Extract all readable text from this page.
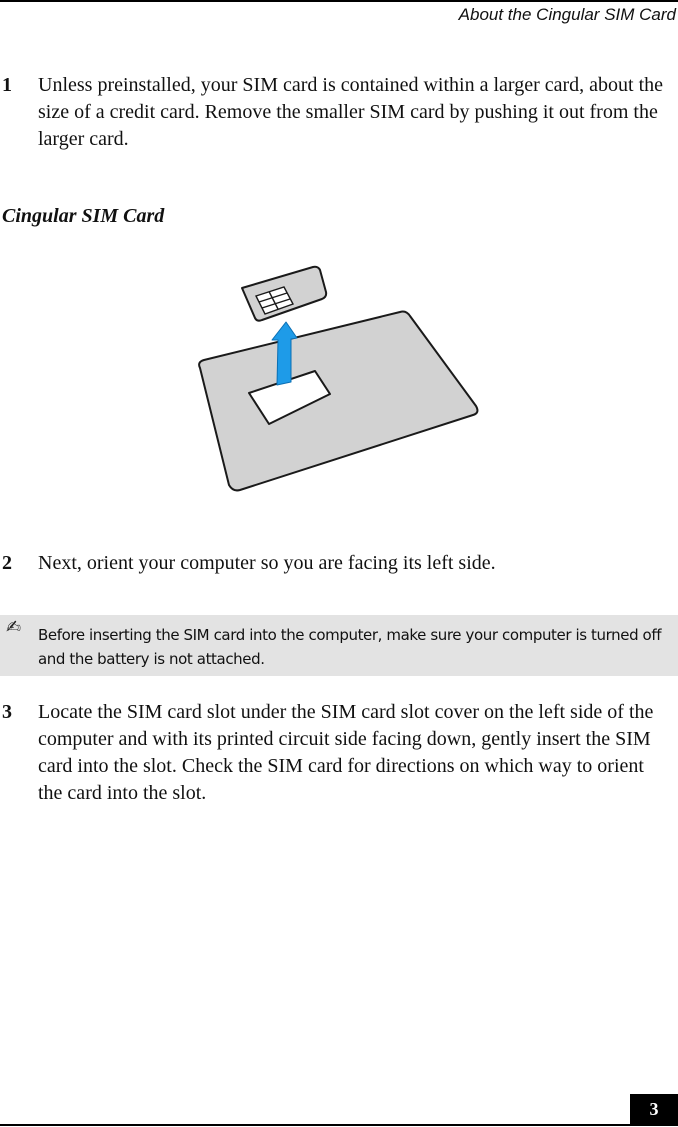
About the Cingular SIM Card
1 Unless preinstalled, your SIM card is contained within a larger card, about the size of a credit card. Remove the smaller SIM card by pushing it out from the larger card.
Cingular SIM Card
2 Next, orient your computer so you are facing its left side.
✍ Before inserting the SIM card into the computer, make sure your computer is turned off and the battery is not attached.
3 Locate the SIM card slot under the SIM card slot cover on the left side of the computer and with its printed circuit side facing down, gently insert the SIM card into the slot. Check the SIM card for directions on which way to orient the card into the slot.
3
